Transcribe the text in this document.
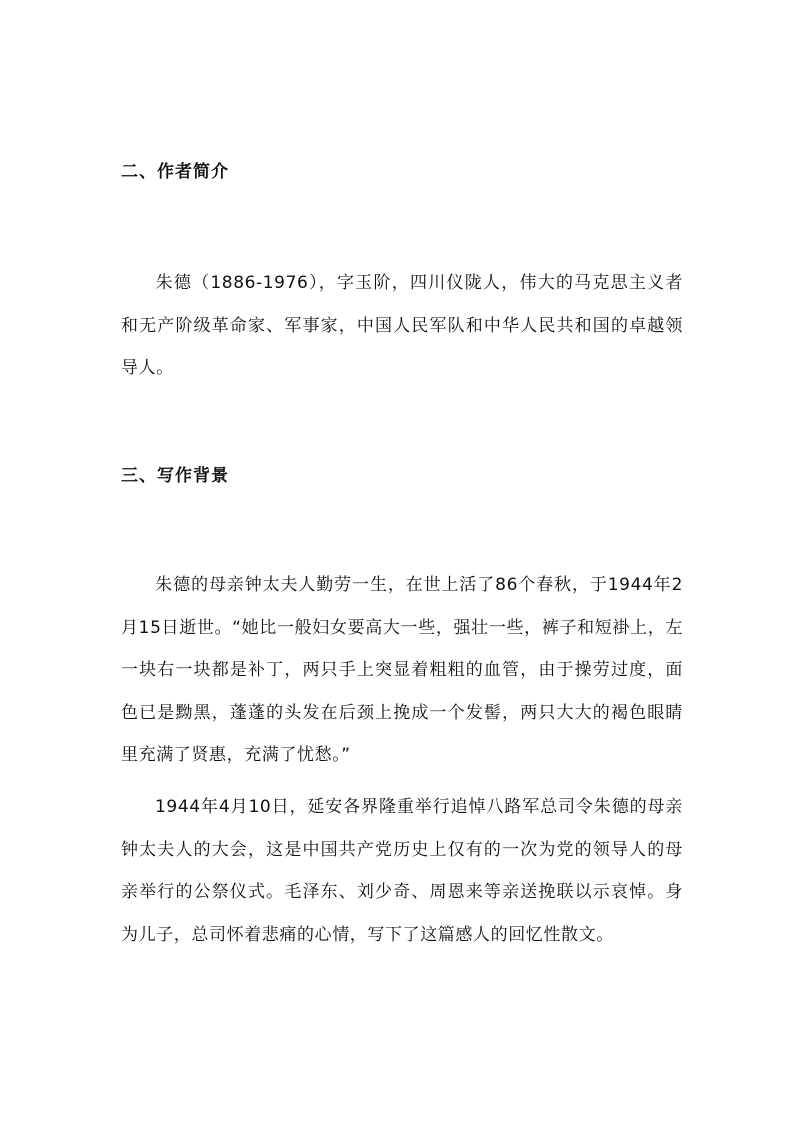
二、作者简介
朱德（1886-1976），字玉阶，四川仪陇人，伟大的马克思主义者和无产阶级革命家、军事家，中国人民军队和中华人民共和国的卓越领导人。
三、写作背景
朱德的母亲钟太夫人勤劳一生，在世上活了86个春秋，于1944年2月15日逝世。“她比一般妇女要高大一些，强壮一些，裤子和短褂上，左一块右一块都是补丁，两只手上突显着粗粗的血管，由于操劳过度，面色已是黝黑，蓬蓬的头发在后颈上挽成一个发髻，两只大大的褐色眼睛里充满了贤惠，充满了忧愁。”
1944年4月10日，延安各界隆重举行追悼八路军总司令朱德的母亲钟太夫人的大会，这是中国共产党历史上仅有的一次为党的领导人的母亲举行的公祭仪式。毛泽东、刘少奇、周恩来等亲送挽联以示哀悼。身为儿子，总司怀着悲痛的心情，写下了这篇感人的回忆性散文。
